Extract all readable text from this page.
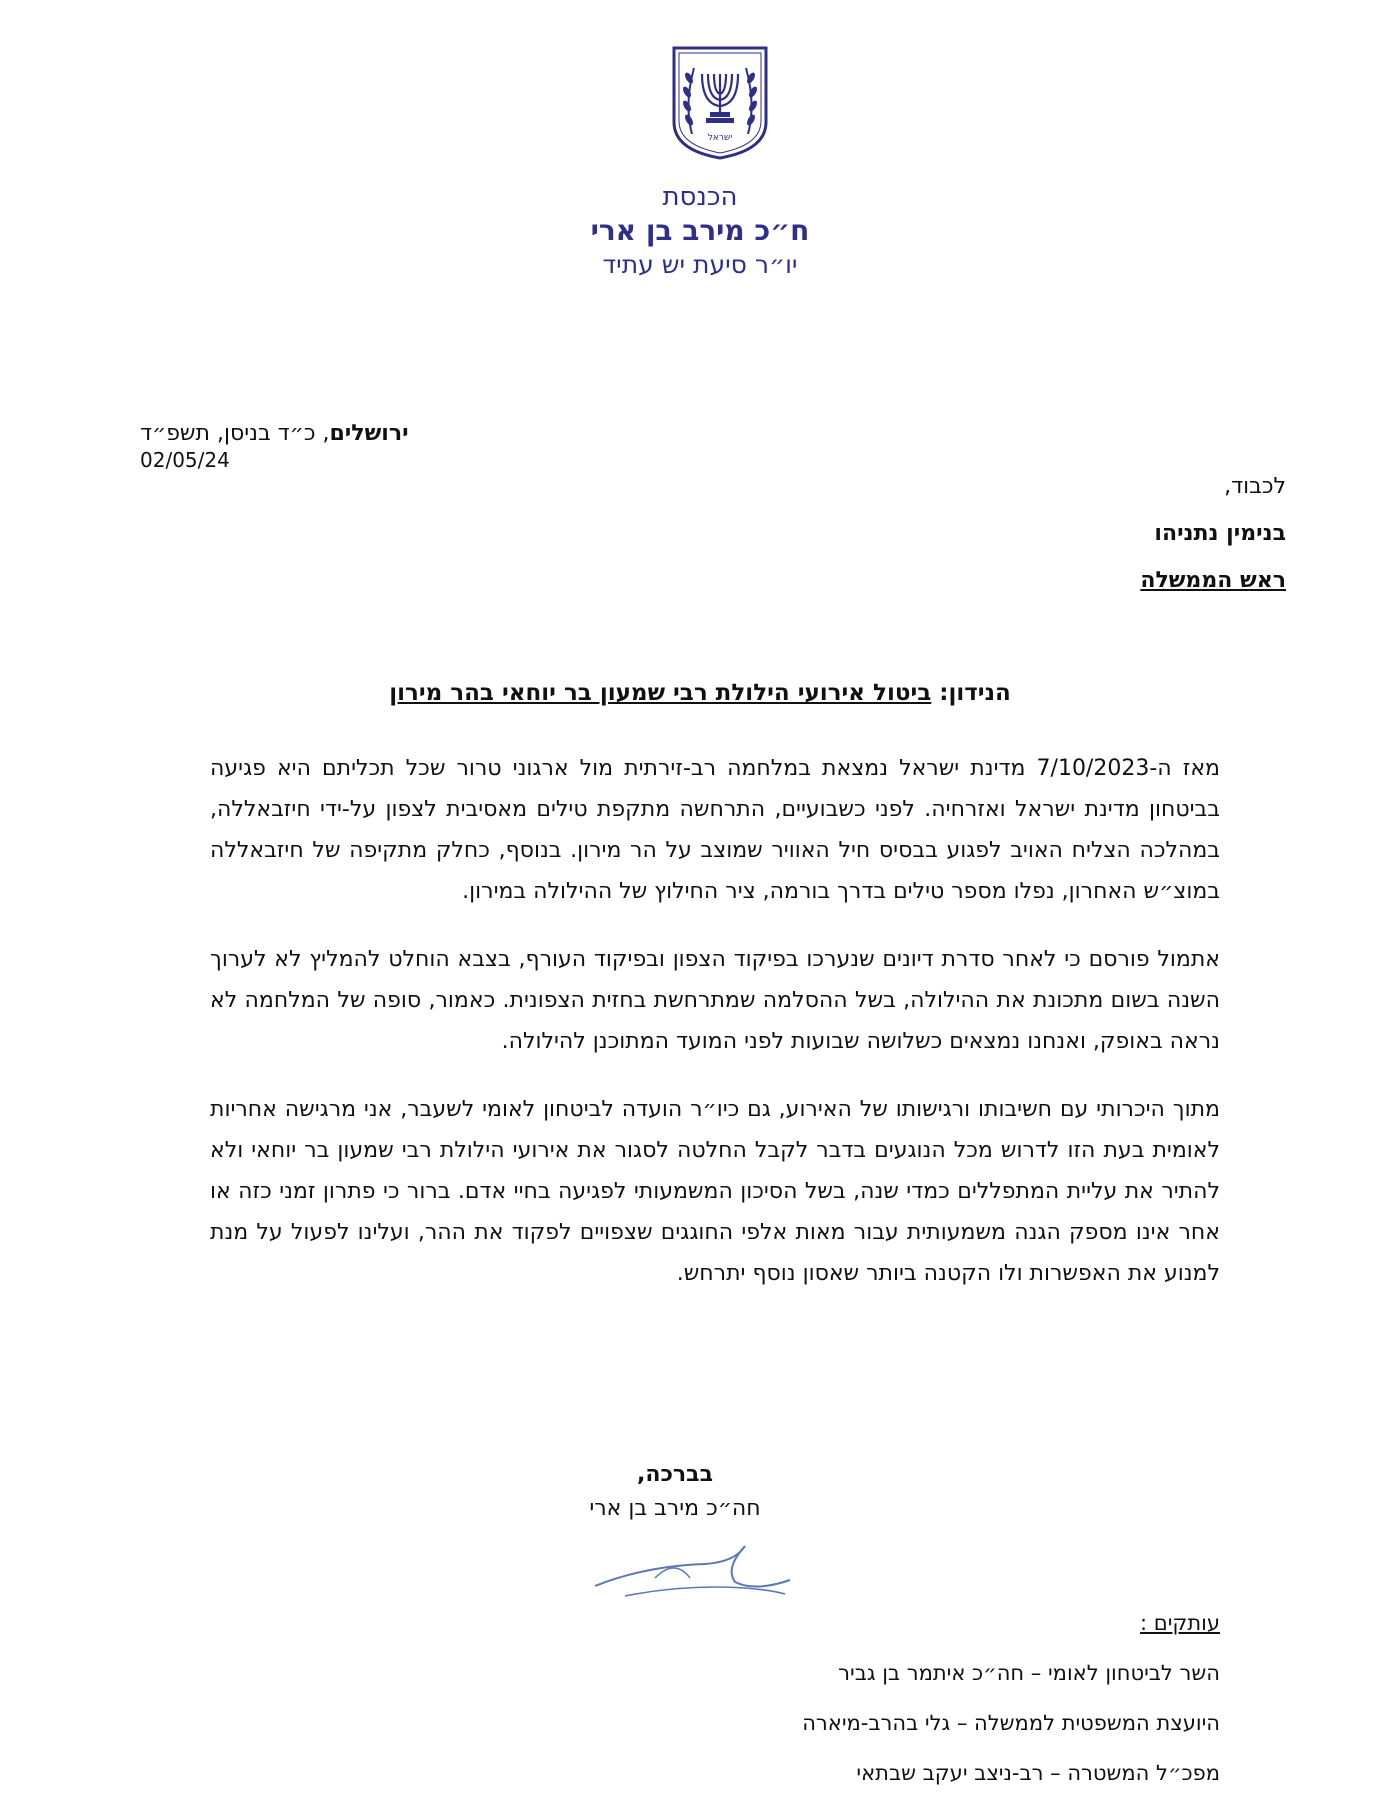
ישראל
הכנסת
ח״כ מירב בן ארי
יו״ר סיעת יש עתיד
ירושלים, כ״ד בניסן, תשפ״ד
02/05/24
לכבוד,
בנימין נתניהו
ראש הממשלה
הנידון: ביטול אירועי הילולת רבי שמעון בר יוחאי בהר מירון

מאז ה-7/10/2023 מדינת ישראל נמצאת במלחמה רב-זירתית מול ארגוני טרור שכל תכליתם היא פגיעה בביטחון מדינת ישראל ואזרחיה. לפני כשבועיים, התרחשה מתקפת טילים מאסיבית לצפון על-ידי חיזבאללה, במהלכה הצליח האויב לפגוע בבסיס חיל האוויר שמוצב על הר מירון. בנוסף, כחלק מתקיפה של חיזבאללה במוצ״ש האחרון, נפלו מספר טילים בדרך בורמה, ציר החילוץ של ההילולה במירון.

אתמול פורסם כי לאחר סדרת דיונים שנערכו בפיקוד הצפון ובפיקוד העורף, בצבא הוחלט להמליץ לא לערוך השנה בשום מתכונת את ההילולה, בשל ההסלמה שמתרחשת בחזית הצפונית. כאמור, סופה של המלחמה לא נראה באופק, ואנחנו נמצאים כשלושה שבועות לפני המועד המתוכנן להילולה.

מתוך היכרותי עם חשיבותו ורגישותו של האירוע, גם כיו״ר הועדה לביטחון לאומי לשעבר, אני מרגישה אחריות לאומית בעת הזו לדרוש מכל הנוגעים בדבר לקבל החלטה לסגור את אירועי הילולת רבי שמעון בר יוחאי ולא להתיר את עליית המתפללים כמדי שנה, בשל הסיכון המשמעותי לפגיעה בחיי אדם. ברור כי פתרון זמני כזה או אחר אינו מספק הגנה משמעותית עבור מאות אלפי החוגגים שצפויים לפקוד את ההר, ועלינו לפעול על מנת למנוע את האפשרות ולו הקטנה ביותר שאסון נוסף יתרחש.

בברכה,
חה״כ מירב בן ארי
עותקים :
השר לביטחון לאומי – חה״כ איתמר בן גביר
היועצת המשפטית לממשלה – גלי בהרב-מיארה
מפכ״ל המשטרה – רב-ניצב יעקב שבתאי
